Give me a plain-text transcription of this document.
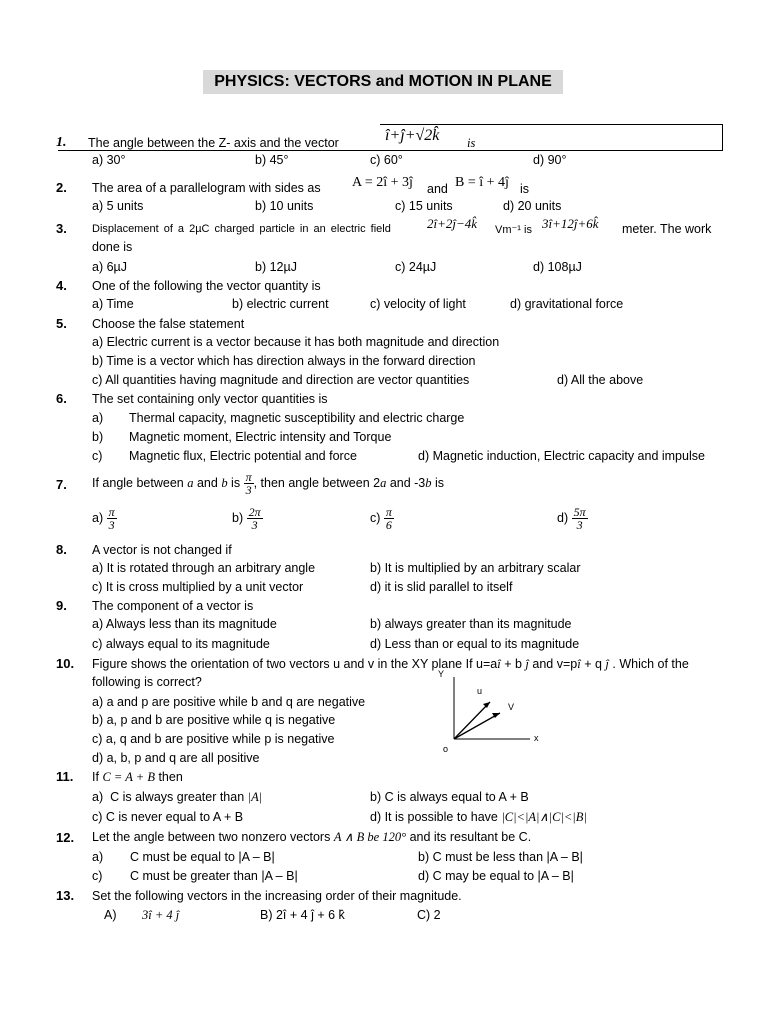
PHYSICS: VECTORS and MOTION IN PLANE
1. The angle between the Z- axis and the vector	î+ĵ+√2k̂ is
a) 30°	b) 45°	c) 60°	d) 90°
2. The area of a parallelogram with sides as A = 2î + 3ĵ and B = î + 4ĵ is
a) 5 units	b) 10 units	c) 15 units	d) 20 units
3. Displacement of a 2µC charged particle in an electric field	2î+2ĵ−4k̂ Vm⁻¹ is 3î+12ĵ+6k̂ meter. The work
done is
a) 6µJ	b) 12µJ	c) 24µJ	d) 108µJ
4. One of the following the vector quantity is
a) Time	b) electric current	c) velocity of light	d) gravitational force
5. Choose the false statement
a) Electric current is a vector because it has both magnitude and direction
b) Time is a vector which has direction always in the forward direction
c) All quantities having magnitude and direction are vector quantities	d) All the above
6. The set containing only vector quantities is
a) Thermal capacity, magnetic susceptibility and electric charge
b) Magnetic moment, Electric intensity and Torque
c) Magnetic flux, Electric potential and force	d) Magnetic induction, Electric capacity and impulse
7. If angle between a and b is $\frac{\pi}{3}$ , then angle between 2a and -3b is
$a) \frac{\pi}{3}$	$b) \frac{2\pi}{3}$	$c) \frac{\pi}{6}$	$d) \frac{5\pi}{3}$
8. A vector is not changed if
a) It is rotated through an arbitrary angle	b) It is multiplied by an arbitrary scalar
c) It is cross multiplied by a unit vector	d) it is slid parallel to itself
9. The component of a vector is
a) Always less than its magnitude	b) always greater than its magnitude
c) always equal to its magnitude	d) Less than or equal to its magnitude
10. Figure shows the orientation of two vectors u and v in the XY plane If u=aî + b ĵ and v=pî + q ĵ . Which of the
following is correct?
a) a and p are positive while b and q are negative
b) a, p and b are positive while q is negative
c) a, q and b are positive while p is negative
d) a, b, p and q are all positive
Y
u
V
x
o
11. If C = A + B then
a) C is always greater than |A|	b) C is always equal to A + B
c) C is never equal to A + B	d) It is possible to have |C|<|A|∧|C|<|B|
12. Let the angle between two nonzero vectors A ∧ B be 120° and its resultant be C.
a) C must be equal to |A – B|	b) C must be less than |A – B|
c) C must be greater than |A – B|	d) C may be equal to |A – B|
13. Set the following vectors in the increasing order of their magnitude.
A) 3î + 4 ĵ	B) 2î + 4 ĵ + 6 k̂	C) 2
